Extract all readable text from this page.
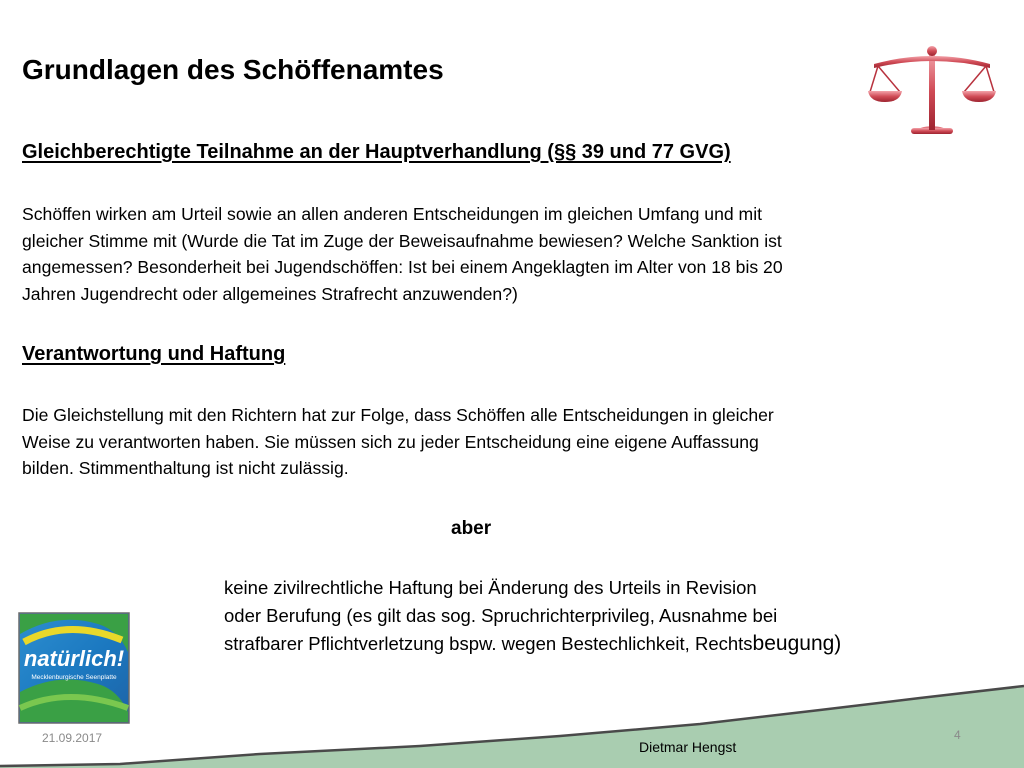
Grundlagen des Schöffenamtes
Gleichberechtigte Teilnahme an der Hauptverhandlung (§§ 39 und 77 GVG)
Schöffen wirken am Urteil sowie an allen anderen Entscheidungen im gleichen Umfang und mit
gleicher Stimme mit (Wurde die Tat im Zuge der Beweisaufnahme bewiesen? Welche Sanktion ist
angemessen? Besonderheit bei Jugendschöffen: Ist bei einem Angeklagten im Alter von 18 bis 20
Jahren Jugendrecht oder allgemeines Strafrecht anzuwenden?)
Verantwortung und Haftung
Die Gleichstellung mit den Richtern hat zur Folge, dass Schöffen alle Entscheidungen in gleicher
Weise zu verantworten haben. Sie müssen sich zu jeder Entscheidung eine eigene Auffassung
bilden. Stimmenthaltung ist nicht zulässig.

aber

keine zivilrechtliche Haftung bei Änderung des Urteils in Revision
oder Berufung (es gilt das sog. Spruchrichterprivileg, Ausnahme bei
strafbarer Pflichtverletzung bspw. wegen Bestechlichkeit, Rechtsbeugung)

natürlich!
Mecklenburgische Seenplatte
21.09.2017
Dietmar Hengst
4
